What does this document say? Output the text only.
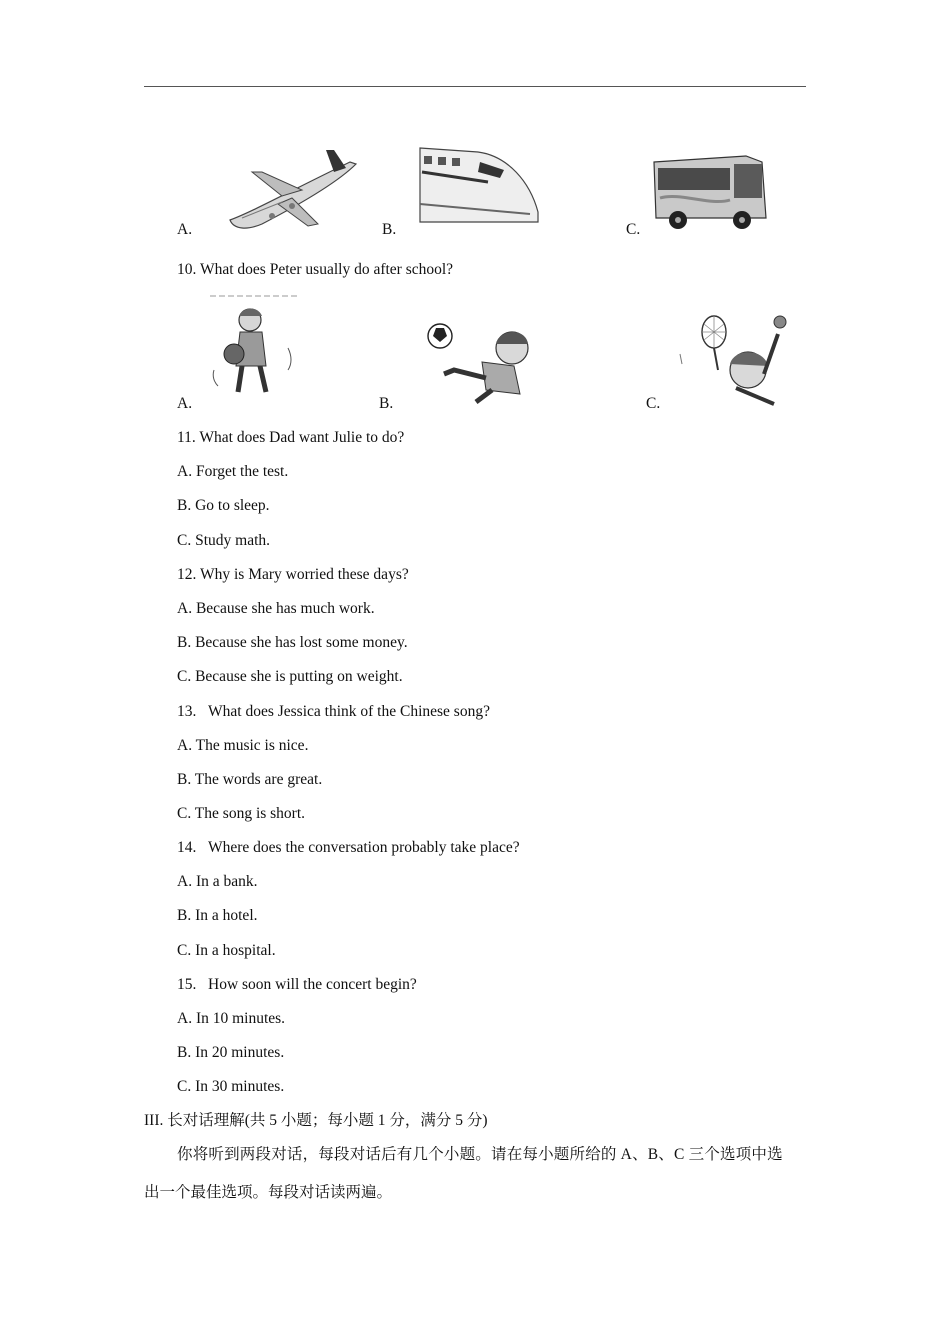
A.	B.	C.
10. What does Peter usually do after school?
A.	B.	C.
11. What does Dad want Julie to do?
A. Forget the test.
B. Go to sleep.
C. Study math.
12. Why is Mary worried these days?
A. Because she has much work.
B. Because she has lost some money.
C. Because she is putting on weight.
13.   What does Jessica think of the Chinese song?
A. The music is nice.
B. The words are great.
C. The song is short.
14.   Where does the conversation probably take place?
A. In a bank.
B. In a hotel.
C. In a hospital.
15.   How soon will the concert begin?
A. In 10 minutes.
B. In 20 minutes.
C. In 30 minutes.
III. 长对话理解(共 5 小题；每小题 1 分，满分 5 分)
你将听到两段对话，每段对话后有几个小题。请在每小题所给的 A、B、C 三个选项中选
出一个最佳选项。每段对话读两遍。
